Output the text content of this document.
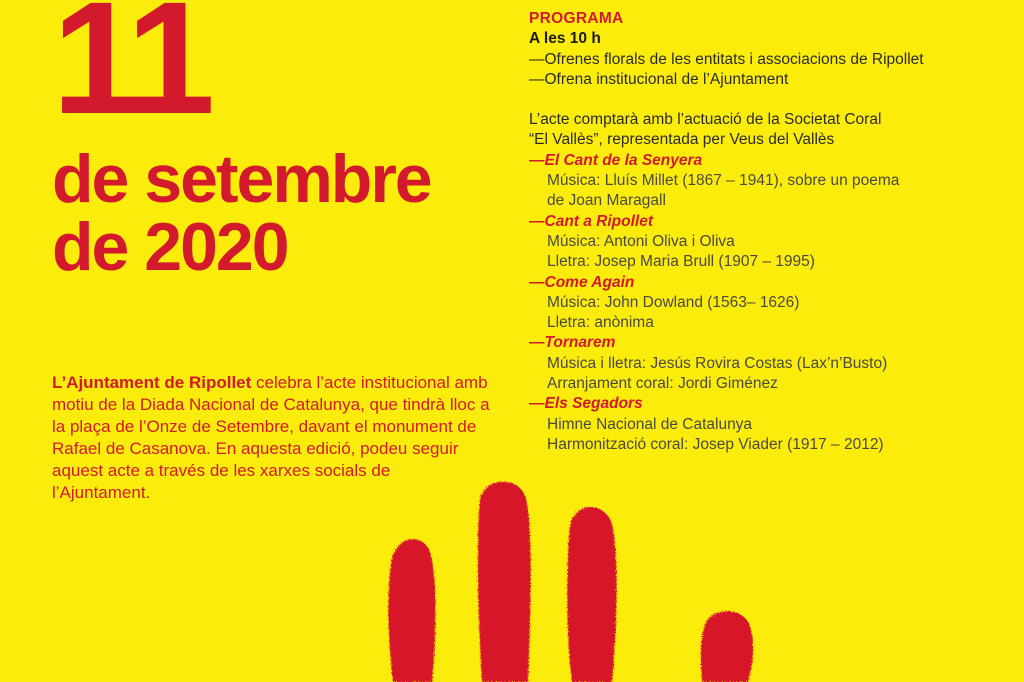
11
de setembre
de 2020
L’Ajuntament de Ripollet celebra l’acte institucional amb motiu de la Diada Nacional de Catalunya, que tindrà lloc a la plaça de l’Onze de Setembre, davant el monument de Rafael de Casanova. En aquesta edició, podeu seguir aquest acte a través de les xarxes socials de l’Ajuntament.
PROGRAMA
A les 10 h
—Ofrenes florals de les entitats i associacions de Ripollet
—Ofrena institucional de l’Ajuntament
L’acte comptarà amb l’actuació de la Societat Coral
“El Vallès”, representada per Veus del Vallès
—El Cant de la Senyera
Música: Lluís Millet (1867 – 1941), sobre un poema
de Joan Maragall
—Cant a Ripollet
Música: Antoni Oliva i Oliva
Lletra: Josep Maria Brull (1907 – 1995)
—Come Again
Música: John Dowland (1563– 1626)
Lletra: anònima
—Tornarem
Música i lletra: Jesús Rovira Costas (Lax’n’Busto)
Arranjament coral: Jordi Giménez
—Els Segadors
Himne Nacional de Catalunya
Harmonització coral: Josep Viader (1917 – 2012)
